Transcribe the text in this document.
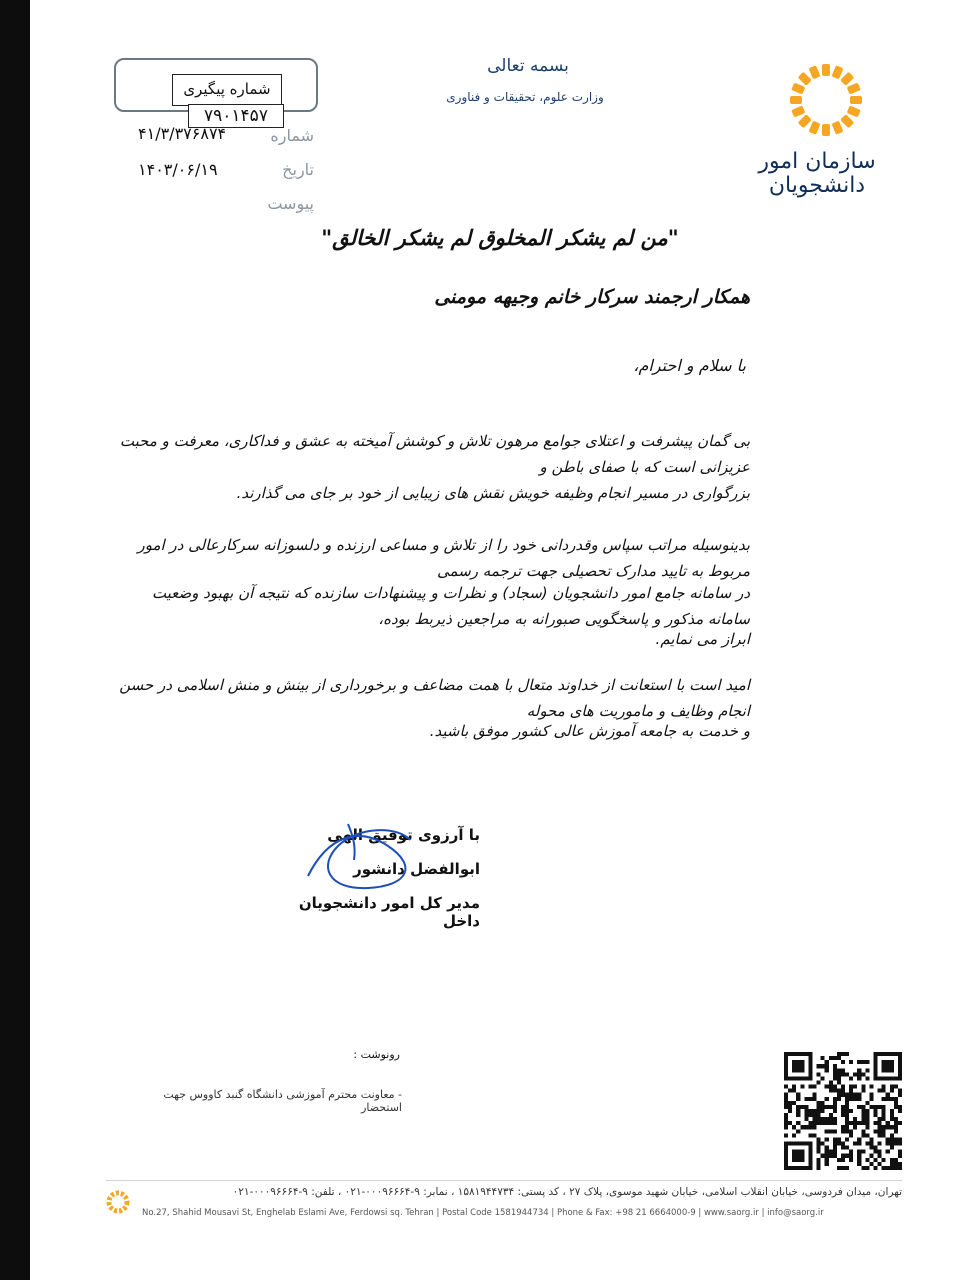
سازمان امور
دانشجویان
بسمه تعالی
وزارت علوم، تحقیقات و فناوری
شماره پیگیری
۷۹۰۱۴۵۷
شماره
۴۱/۳/۳۷۶۸۷۴
تاریخ
۱۴۰۳/۰۶/۱۹
پیوست
"من لم یشکر المخلوق لم یشکر الخالق"
همکار ارجمند سرکار خانم وجیهه مومنی
با سلام و احترام،
بی گمان پیشرفت و اعتلای جوامع مرهون تلاش و کوشش آمیخته به عشق و فداکاری، معرفت و محبت عزیزانی است که با صفای باطن و
بزرگواری در مسیر انجام وظیفه خویش نقش های زیبایی از خود بر جای می گذارند.
بدینوسیله مراتب سپاس وقدردانی خود را از تلاش و مساعی ارزنده و دلسوزانه سرکارعالی در امور مربوط به تایید مدارک تحصیلی جهت ترجمه رسمی
در سامانه جامع امور دانشجویان (سجاد) و نظرات و پیشنهادات سازنده که نتیجه آن بهبود وضعیت سامانه مذکور و پاسخگویی صبورانه به مراجعین ذیربط بوده،
ابراز می نمایم.
امید است با استعانت از خداوند متعال با همت مضاعف و برخورداری از بینش و منش اسلامی در حسن انجام وظایف و ماموریت های محوله
و خدمت به جامعه آموزش عالی کشور موفق باشید.
با آرزوی توفیق الهی
ابوالفضل دانشور
مدیر کل امور دانشجویان داخل
رونوشت :
- معاونت محترم آموزشی دانشگاه گنبد کاووس جهت استحضار
تهران، میدان فردوسی، خیابان انقلاب اسلامی، خیابان شهید موسوی، پلاک ۲۷ ، کد پستی: ۱۵۸۱۹۴۴۷۳۴ ، نمابر: ۹-۰۰۰۹۶۶۶۴-۰۲۱ ، تلفن: ۹-۰۰۰۹۶۶۶۴-۰۲۱
No.27, Shahid Mousavi St, Enghelab Eslami Ave, Ferdowsi sq. Tehran | Postal Code 1581944734 | Phone & Fax: +98 21 6664000-9 | www.saorg.ir | info@saorg.ir
